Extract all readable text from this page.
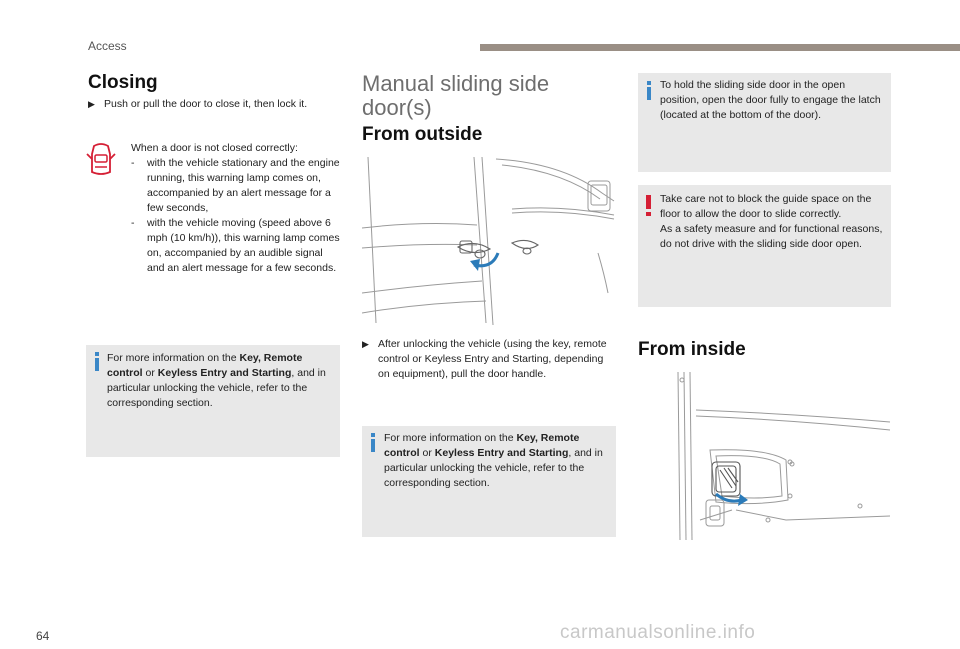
Access
Closing
▶ Push or pull the door to close it, then lock it.

When a door is not closed correctly:

-	with the vehicle stationary and the engine running, this warning lamp comes on, accompanied by an alert message for a few seconds,
-	with the vehicle moving (speed above 6 mph (10 km/h)), this warning lamp comes on, accompanied by an audible signal and an alert message for a few seconds.

For more information on the Key, Remote control or Keyless Entry and Starting, and in particular unlocking the vehicle, refer to the corresponding section.

Manual sliding side
door(s)
From outside
▶ After unlocking the vehicle (using the key, remote control or Keyless Entry and Starting, depending on equipment), pull the door handle.

For more information on the Key, Remote control or Keyless Entry and Starting, and in particular unlocking the vehicle, refer to the corresponding section.

To hold the sliding side door in the open position, open the door fully to engage the latch (located at the bottom of the door).

Take care not to block the guide space on the floor to allow the door to slide correctly.

As a safety measure and for functional reasons, do not drive with the sliding side door open.

From inside
64	carmanualsonline.info
